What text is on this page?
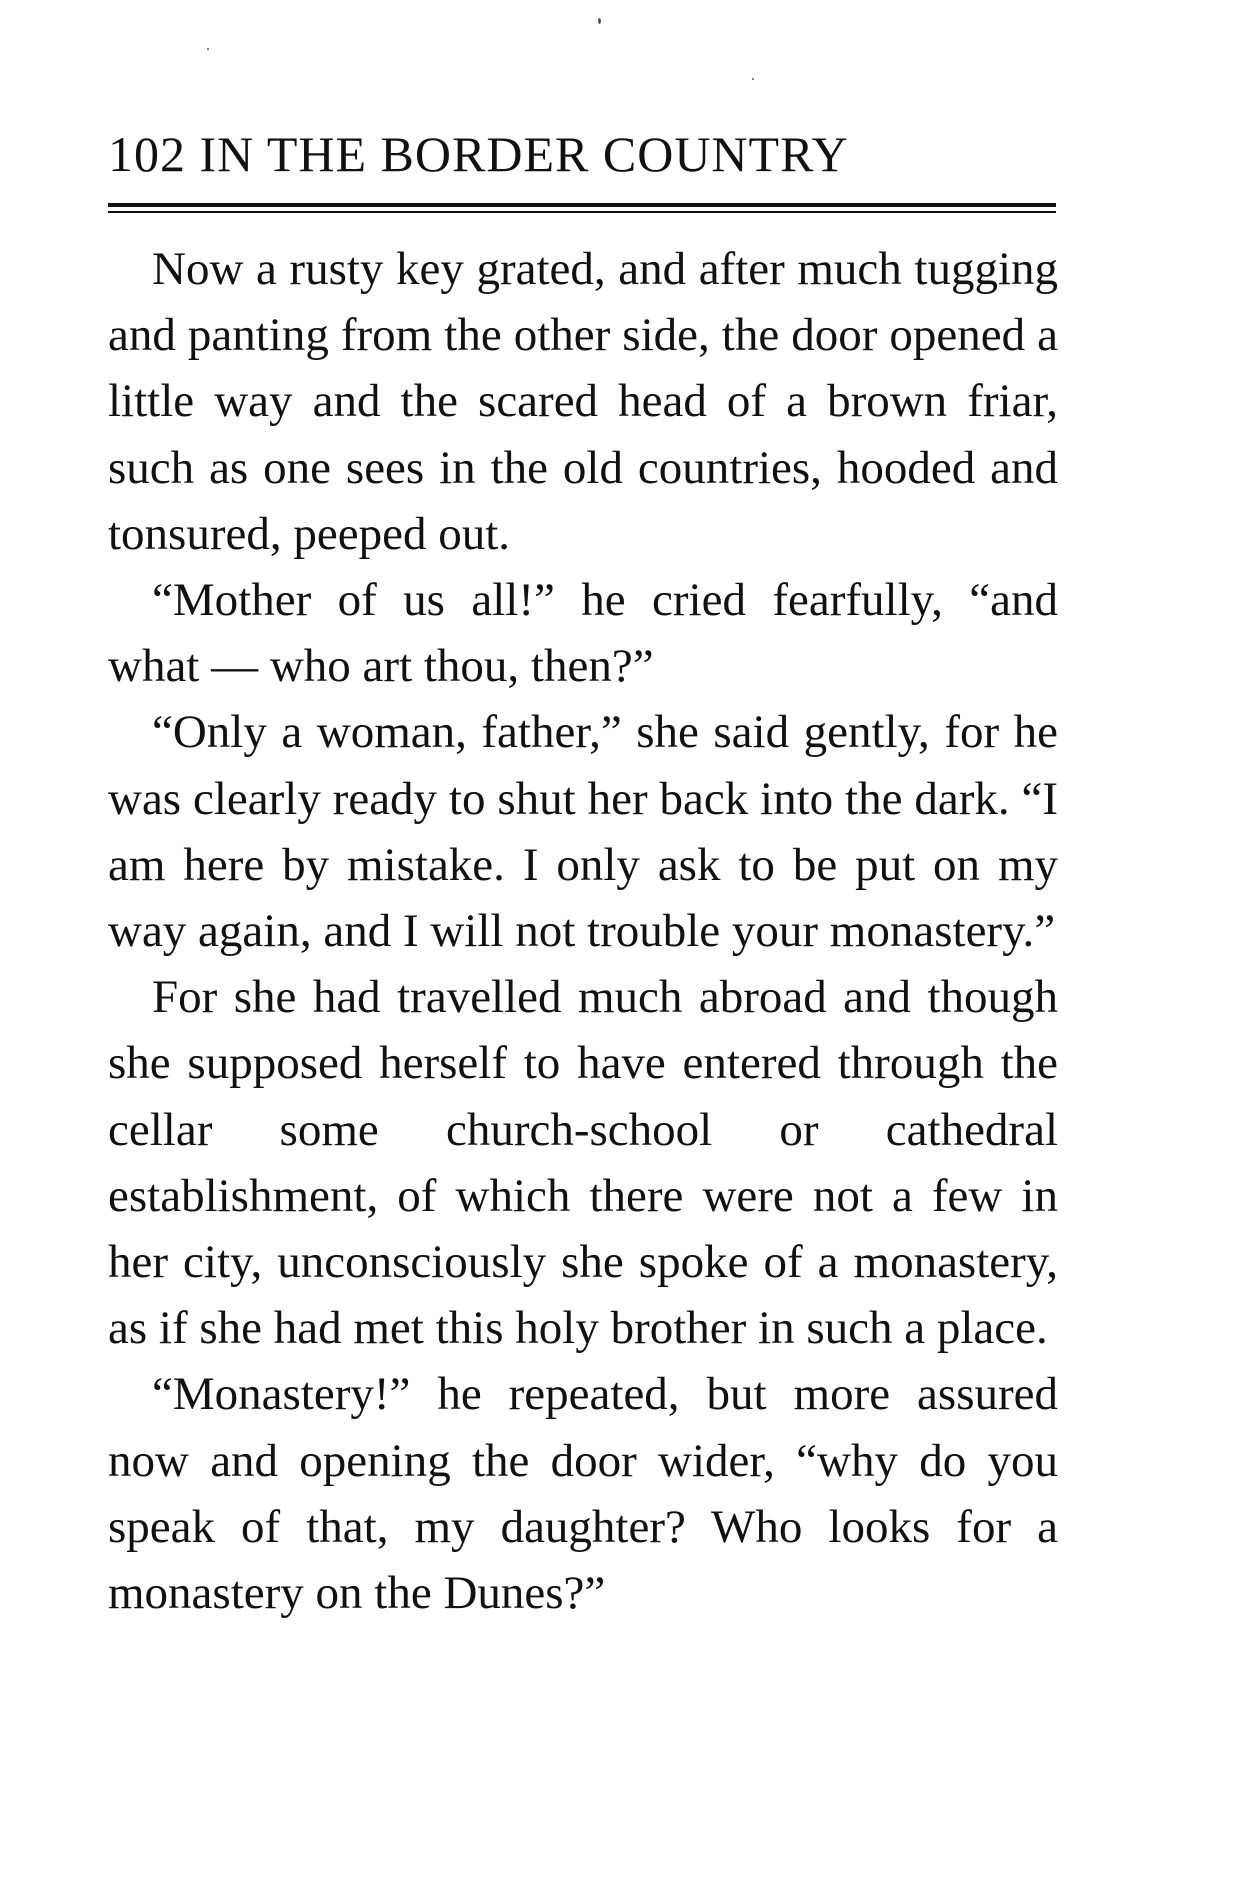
102 IN THE BORDER COUNTRY

Now a rusty key grated, and after much tugging and panting from the other side, the door opened a little way and the scared head of a brown friar, such as one sees in the old countries, hooded and tonsured, peeped out.

“Mother of us all!” he cried fearfully, “and what — who art thou, then?”

“Only a woman, father,” she said gently, for he was clearly ready to shut her back into the dark. “I am here by mistake. I only ask to be put on my way again, and I will not trouble your monastery.”

For she had travelled much abroad and though she supposed herself to have entered through the cellar some church-school or cathedral establishment, of which there were not a few in her city, unconsciously she spoke of a monastery, as if she had met this holy brother in such a place.

“Monastery!” he repeated, but more assured now and opening the door wider, “why do you speak of that, my daughter? Who looks for a monastery on the Dunes?”
